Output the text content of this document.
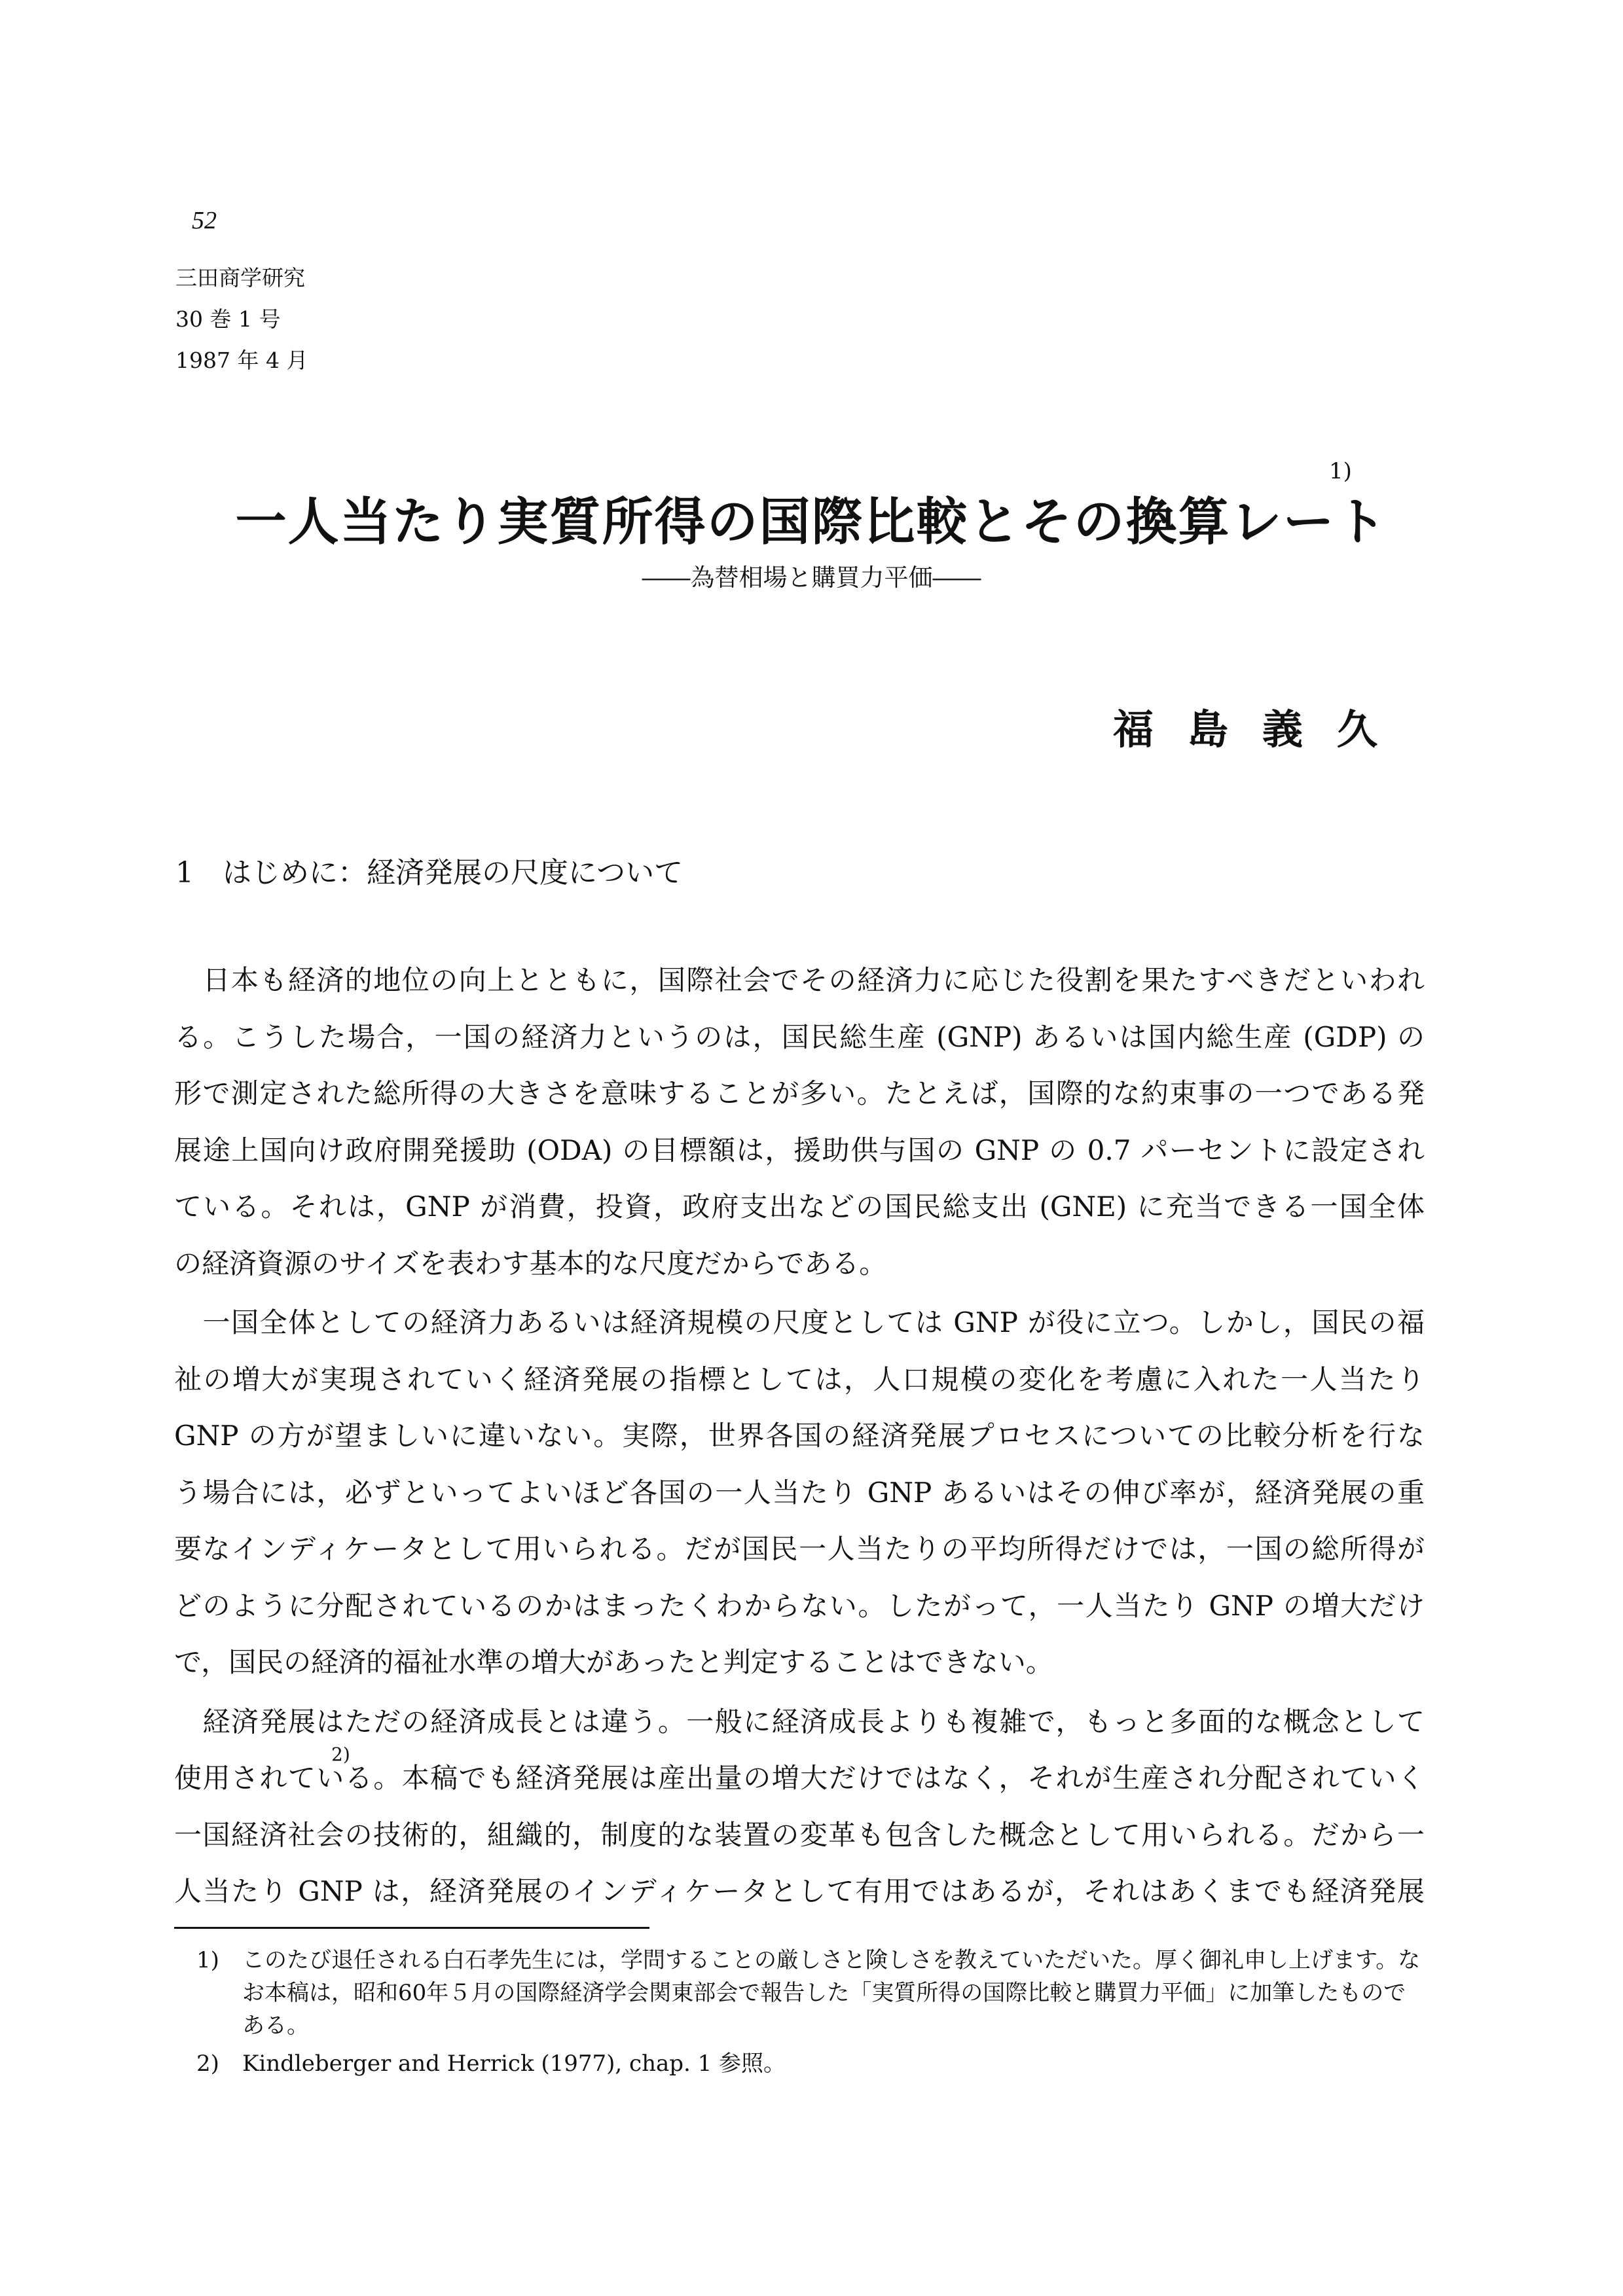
52
三田商学研究
30 巻 1 号
1987 年 4 月
一人当たり実質所得の国際比較とその換算レート
1)
――為替相場と購買力平価――
福島義久
1 はじめに：経済発展の尺度について
　日本も経済的地位の向上とともに，国際社会でその経済力に応じた役割を果たすべきだといわれ
る。こうした場合，一国の経済力というのは，国民総生産 (GNP) あるいは国内総生産 (GDP) の
形で測定された総所得の大きさを意味することが多い。たとえば，国際的な約束事の一つである発
展途上国向け政府開発援助 (ODA) の目標額は，援助供与国の GNP の 0.7 パーセントに設定され
ている。それは，GNP が消費，投資，政府支出などの国民総支出 (GNE) に充当できる一国全体
の経済資源のサイズを表わす基本的な尺度だからである。
　一国全体としての経済力あるいは経済規模の尺度としては GNP が役に立つ。しかし，国民の福
祉の増大が実現されていく経済発展の指標としては，人口規模の変化を考慮に入れた一人当たり
GNP の方が望ましいに違いない。実際，世界各国の経済発展プロセスについての比較分析を行な
う場合には，必ずといってよいほど各国の一人当たり GNP あるいはその伸び率が，経済発展の重
要なインディケータとして用いられる。だが国民一人当たりの平均所得だけでは，一国の総所得が
どのように分配されているのかはまったくわからない。したがって，一人当たり GNP の増大だけ
で，国民の経済的福祉水準の増大があったと判定することはできない。
　経済発展はただの経済成長とは違う。一般に経済成長よりも複雑で，もっと多面的な概念として
2)
使用されている。本稿でも経済発展は産出量の増大だけではなく，それが生産され分配されていく
一国経済社会の技術的，組織的，制度的な装置の変革も包含した概念として用いられる。だから一
人当たり GNP は，経済発展のインディケータとして有用ではあるが，それはあくまでも経済発展
1)	このたび退任される白石孝先生には，学問することの厳しさと険しさを教えていただいた。厚く御礼申し上げます。なお本稿は，昭和60年５月の国際経済学会関東部会で報告した「実質所得の国際比較と購買力平価」に加筆したものである。
2)	Kindleberger and Herrick (1977), chap. 1 参照。
